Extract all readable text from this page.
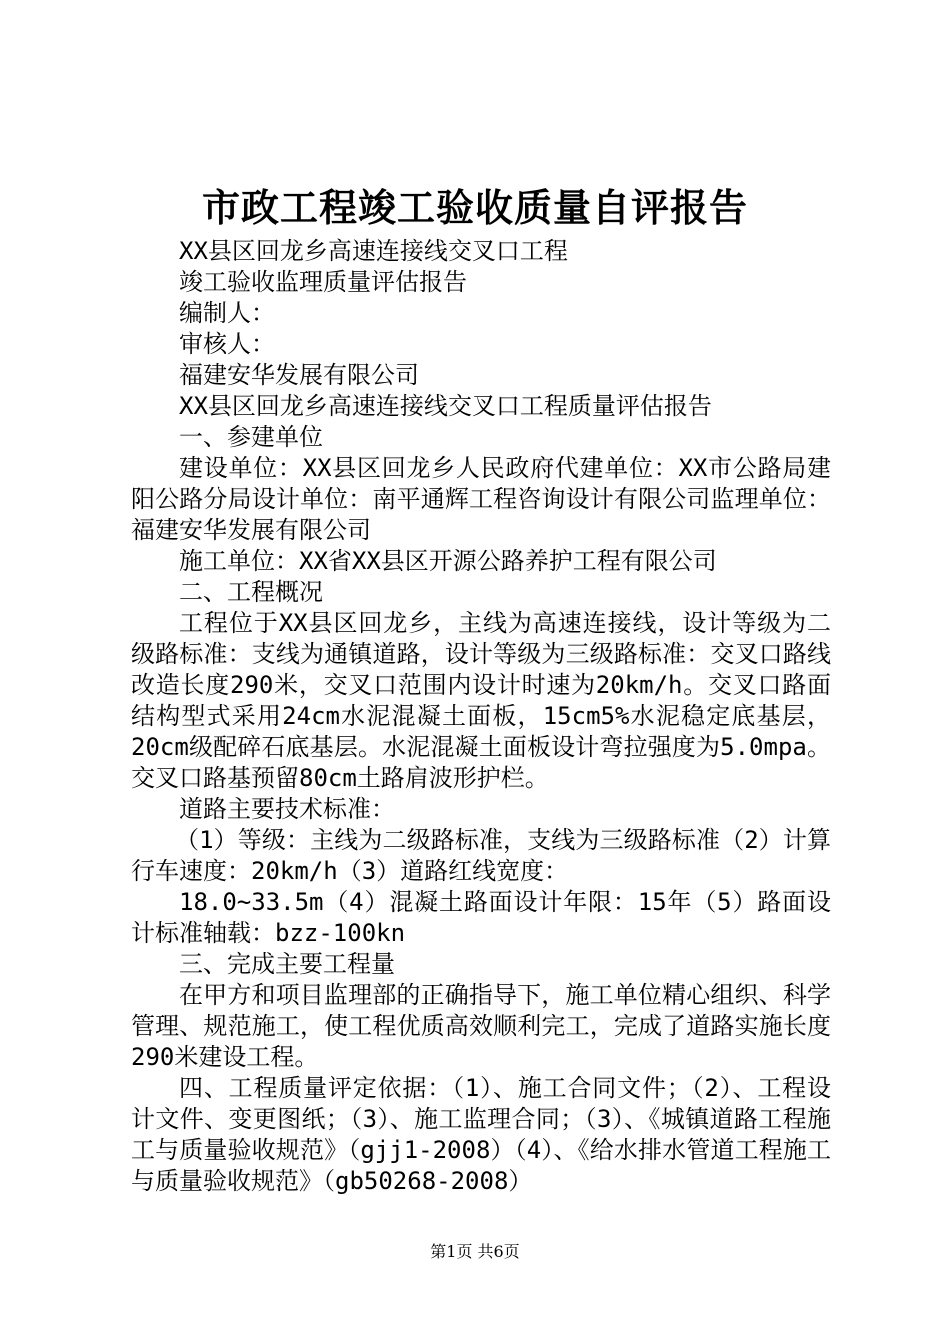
市政工程竣工验收质量自评报告

XX县区回龙乡高速连接线交叉口工程

竣工验收监理质量评估报告

编制人：

审核人：

福建安华发展有限公司

XX县区回龙乡高速连接线交叉口工程质量评估报告

一、参建单位

建设单位：XX县区回龙乡人民政府代建单位：XX市公路局建阳公路分局设计单位：南平通辉工程咨询设计有限公司监理单位：福建安华发展有限公司

施工单位：XX省XX县区开源公路养护工程有限公司

二、工程概况

工程位于XX县区回龙乡，主线为高速连接线，设计等级为二级路标准：支线为通镇道路，设计等级为三级路标准：交叉口路线改造长度290米，交叉口范围内设计时速为20km/h。交叉口路面结构型式采用24cm水泥混凝土面板，15cm5%水泥稳定底基层，20cm级配碎石底基层。水泥混凝土面板设计弯拉强度为5.0mpa。交叉口路基预留80cm土路肩波形护栏。

道路主要技术标准：

（1）等级：主线为二级路标准，支线为三级路标准（2）计算行车速度：20km/h（3）道路红线宽度：

18.0~33.5m（4）混凝土路面设计年限：15年（5）路面设计标准轴载：bzz-100kn

三、完成主要工程量

在甲方和项目监理部的正确指导下，施工单位精心组织、科学管理、规范施工，使工程优质高效顺利完工，完成了道路实施长度290米建设工程。

四、工程质量评定依据：（1）、施工合同文件；（2）、工程设计文件、变更图纸；（3）、施工监理合同；（3）、《城镇道路工程施工与质量验收规范》（gjj1-2008）（4）、《给水排水管道工程施工与质量验收规范》（gb50268-2008）

第1页 共6页
